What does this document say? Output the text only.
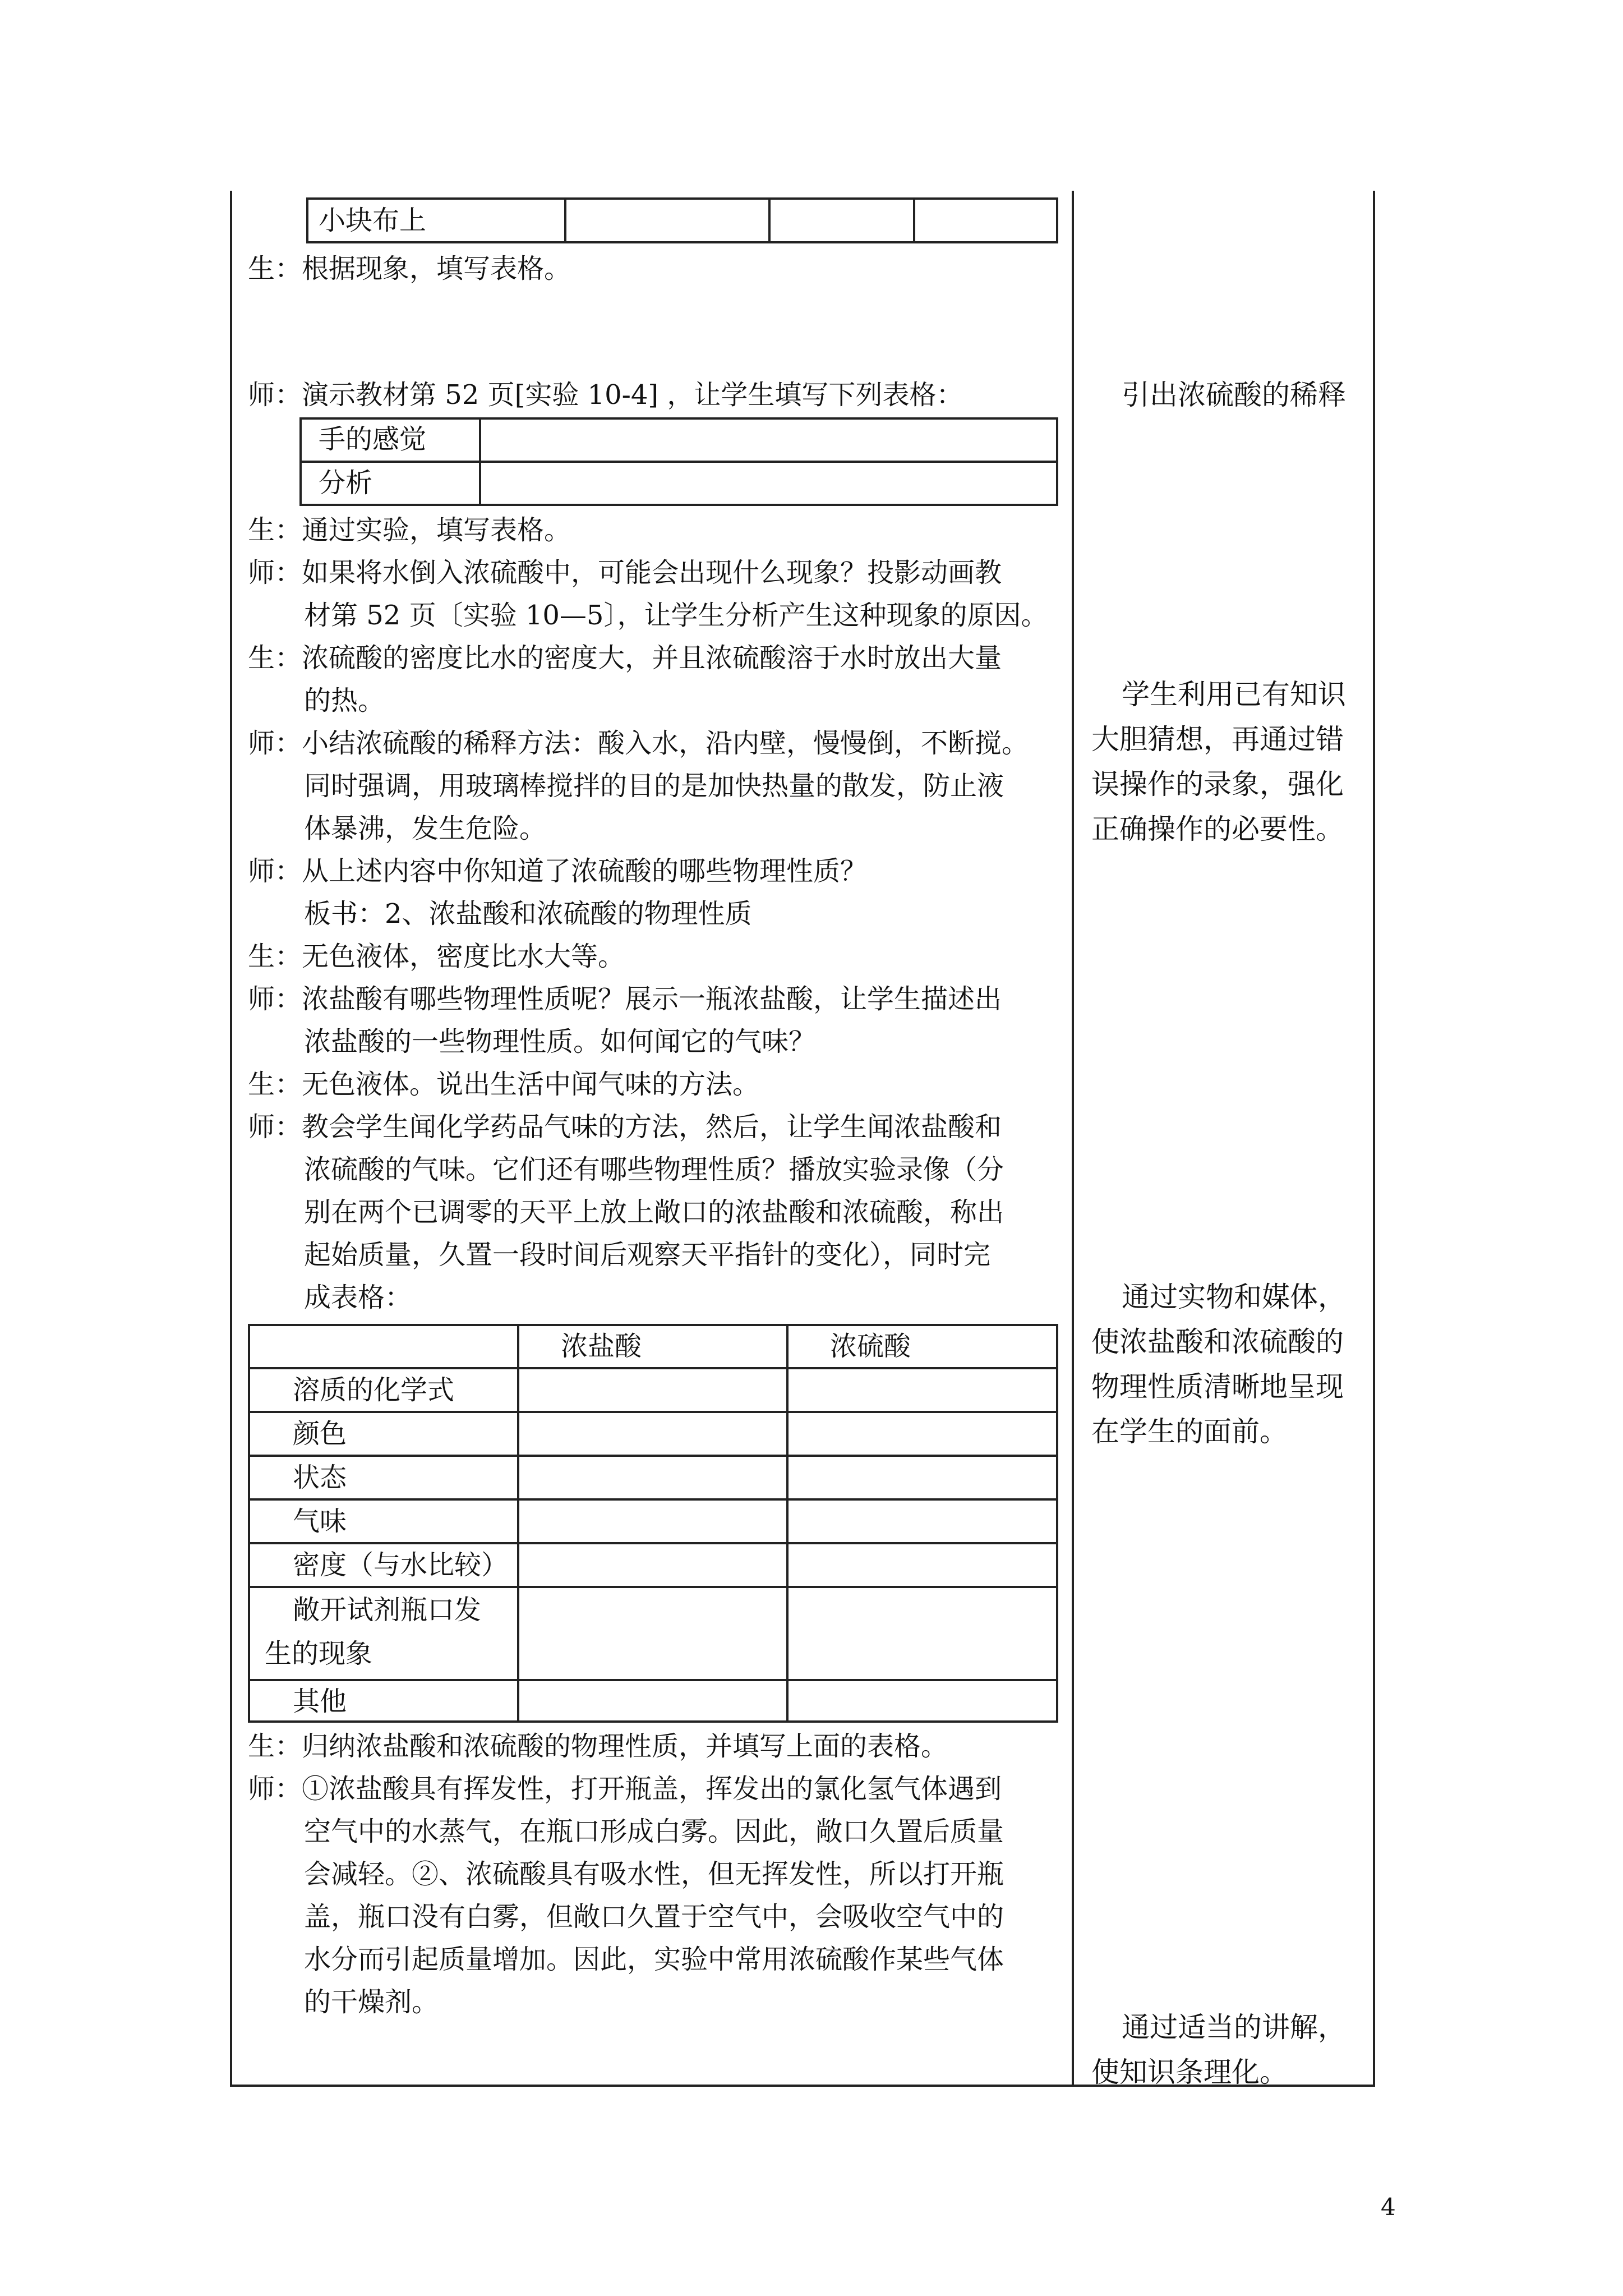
小块布上
生：根据现象，填写表格。
师：演示教材第 52 页[实验 10-4] ，让学生填写下列表格：
手的感觉
分析
生：通过实验，填写表格。
师：如果将水倒入浓硫酸中，可能会出现什么现象？投影动画教
材第 52 页〔实验 10—5〕，让学生分析产生这种现象的原因。
生：浓硫酸的密度比水的密度大，并且浓硫酸溶于水时放出大量
的热。
师：小结浓硫酸的稀释方法：酸入水，沿内壁，慢慢倒，不断搅。
同时强调，用玻璃棒搅拌的目的是加快热量的散发，防止液
体暴沸，发生危险。
师：从上述内容中你知道了浓硫酸的哪些物理性质？
板书：2、浓盐酸和浓硫酸的物理性质
生：无色液体，密度比水大等。
师：浓盐酸有哪些物理性质呢？展示一瓶浓盐酸，让学生描述出
浓盐酸的一些物理性质。如何闻它的气味？
生：无色液体。说出生活中闻气味的方法。
师：教会学生闻化学药品气味的方法，然后，让学生闻浓盐酸和
浓硫酸的气味。它们还有哪些物理性质？播放实验录像（分
别在两个已调零的天平上放上敞口的浓盐酸和浓硫酸，称出
起始质量，久置一段时间后观察天平指针的变化），同时完
成表格：
浓盐酸	浓硫酸
溶质的化学式
颜色
状态
气味
密度（与水比较）
敞开试剂瓶口发
生的现象
其他
生：归纳浓盐酸和浓硫酸的物理性质，并填写上面的表格。
师：①浓盐酸具有挥发性，打开瓶盖，挥发出的氯化氢气体遇到
空气中的水蒸气，在瓶口形成白雾。因此，敞口久置后质量
会减轻。②、浓硫酸具有吸水性，但无挥发性，所以打开瓶
盖，瓶口没有白雾，但敞口久置于空气中，会吸收空气中的
水分而引起质量增加。因此，实验中常用浓硫酸作某些气体
的干燥剂。
引出浓硫酸的稀释
学生利用已有知识
大胆猜想，再通过错
误操作的录象，强化
正确操作的必要性。
通过实物和媒体，
使浓盐酸和浓硫酸的
物理性质清晰地呈现
在学生的面前。
通过适当的讲解，
使知识条理化。
4
